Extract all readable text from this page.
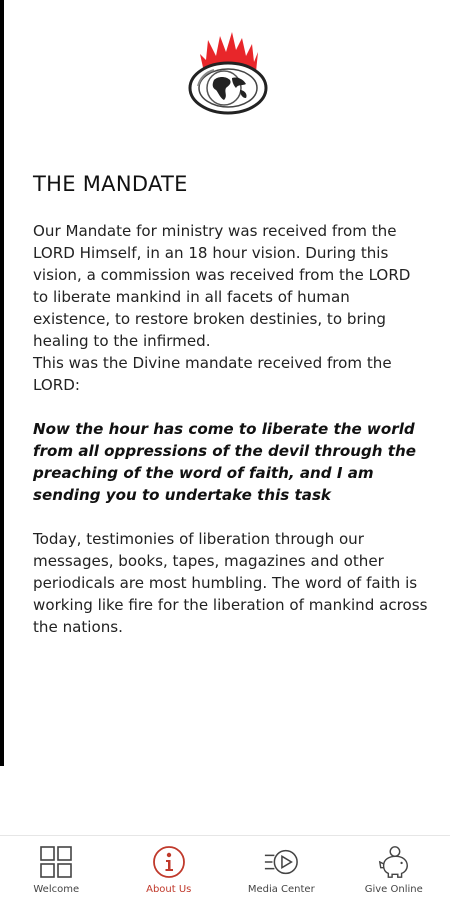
THE MANDATE

Our Mandate for ministry was received from the LORD Himself, in an 18 hour vision. During this vision, a commission was received from the LORD to liberate mankind in all facets of human existence, to restore broken destinies, to bring healing to the infirmed.

This was the Divine mandate received from the LORD:

Now the hour has come to liberate the world from all oppressions of the devil through the preaching of the word of faith, and I am sending you to undertake this task

Today, testimonies of liberation through our messages, books, tapes, magazines and other periodicals are most humbling. The word of faith is working like fire for the liberation of mankind across the nations.

Welcome	About Us	Media Center	Give Online
